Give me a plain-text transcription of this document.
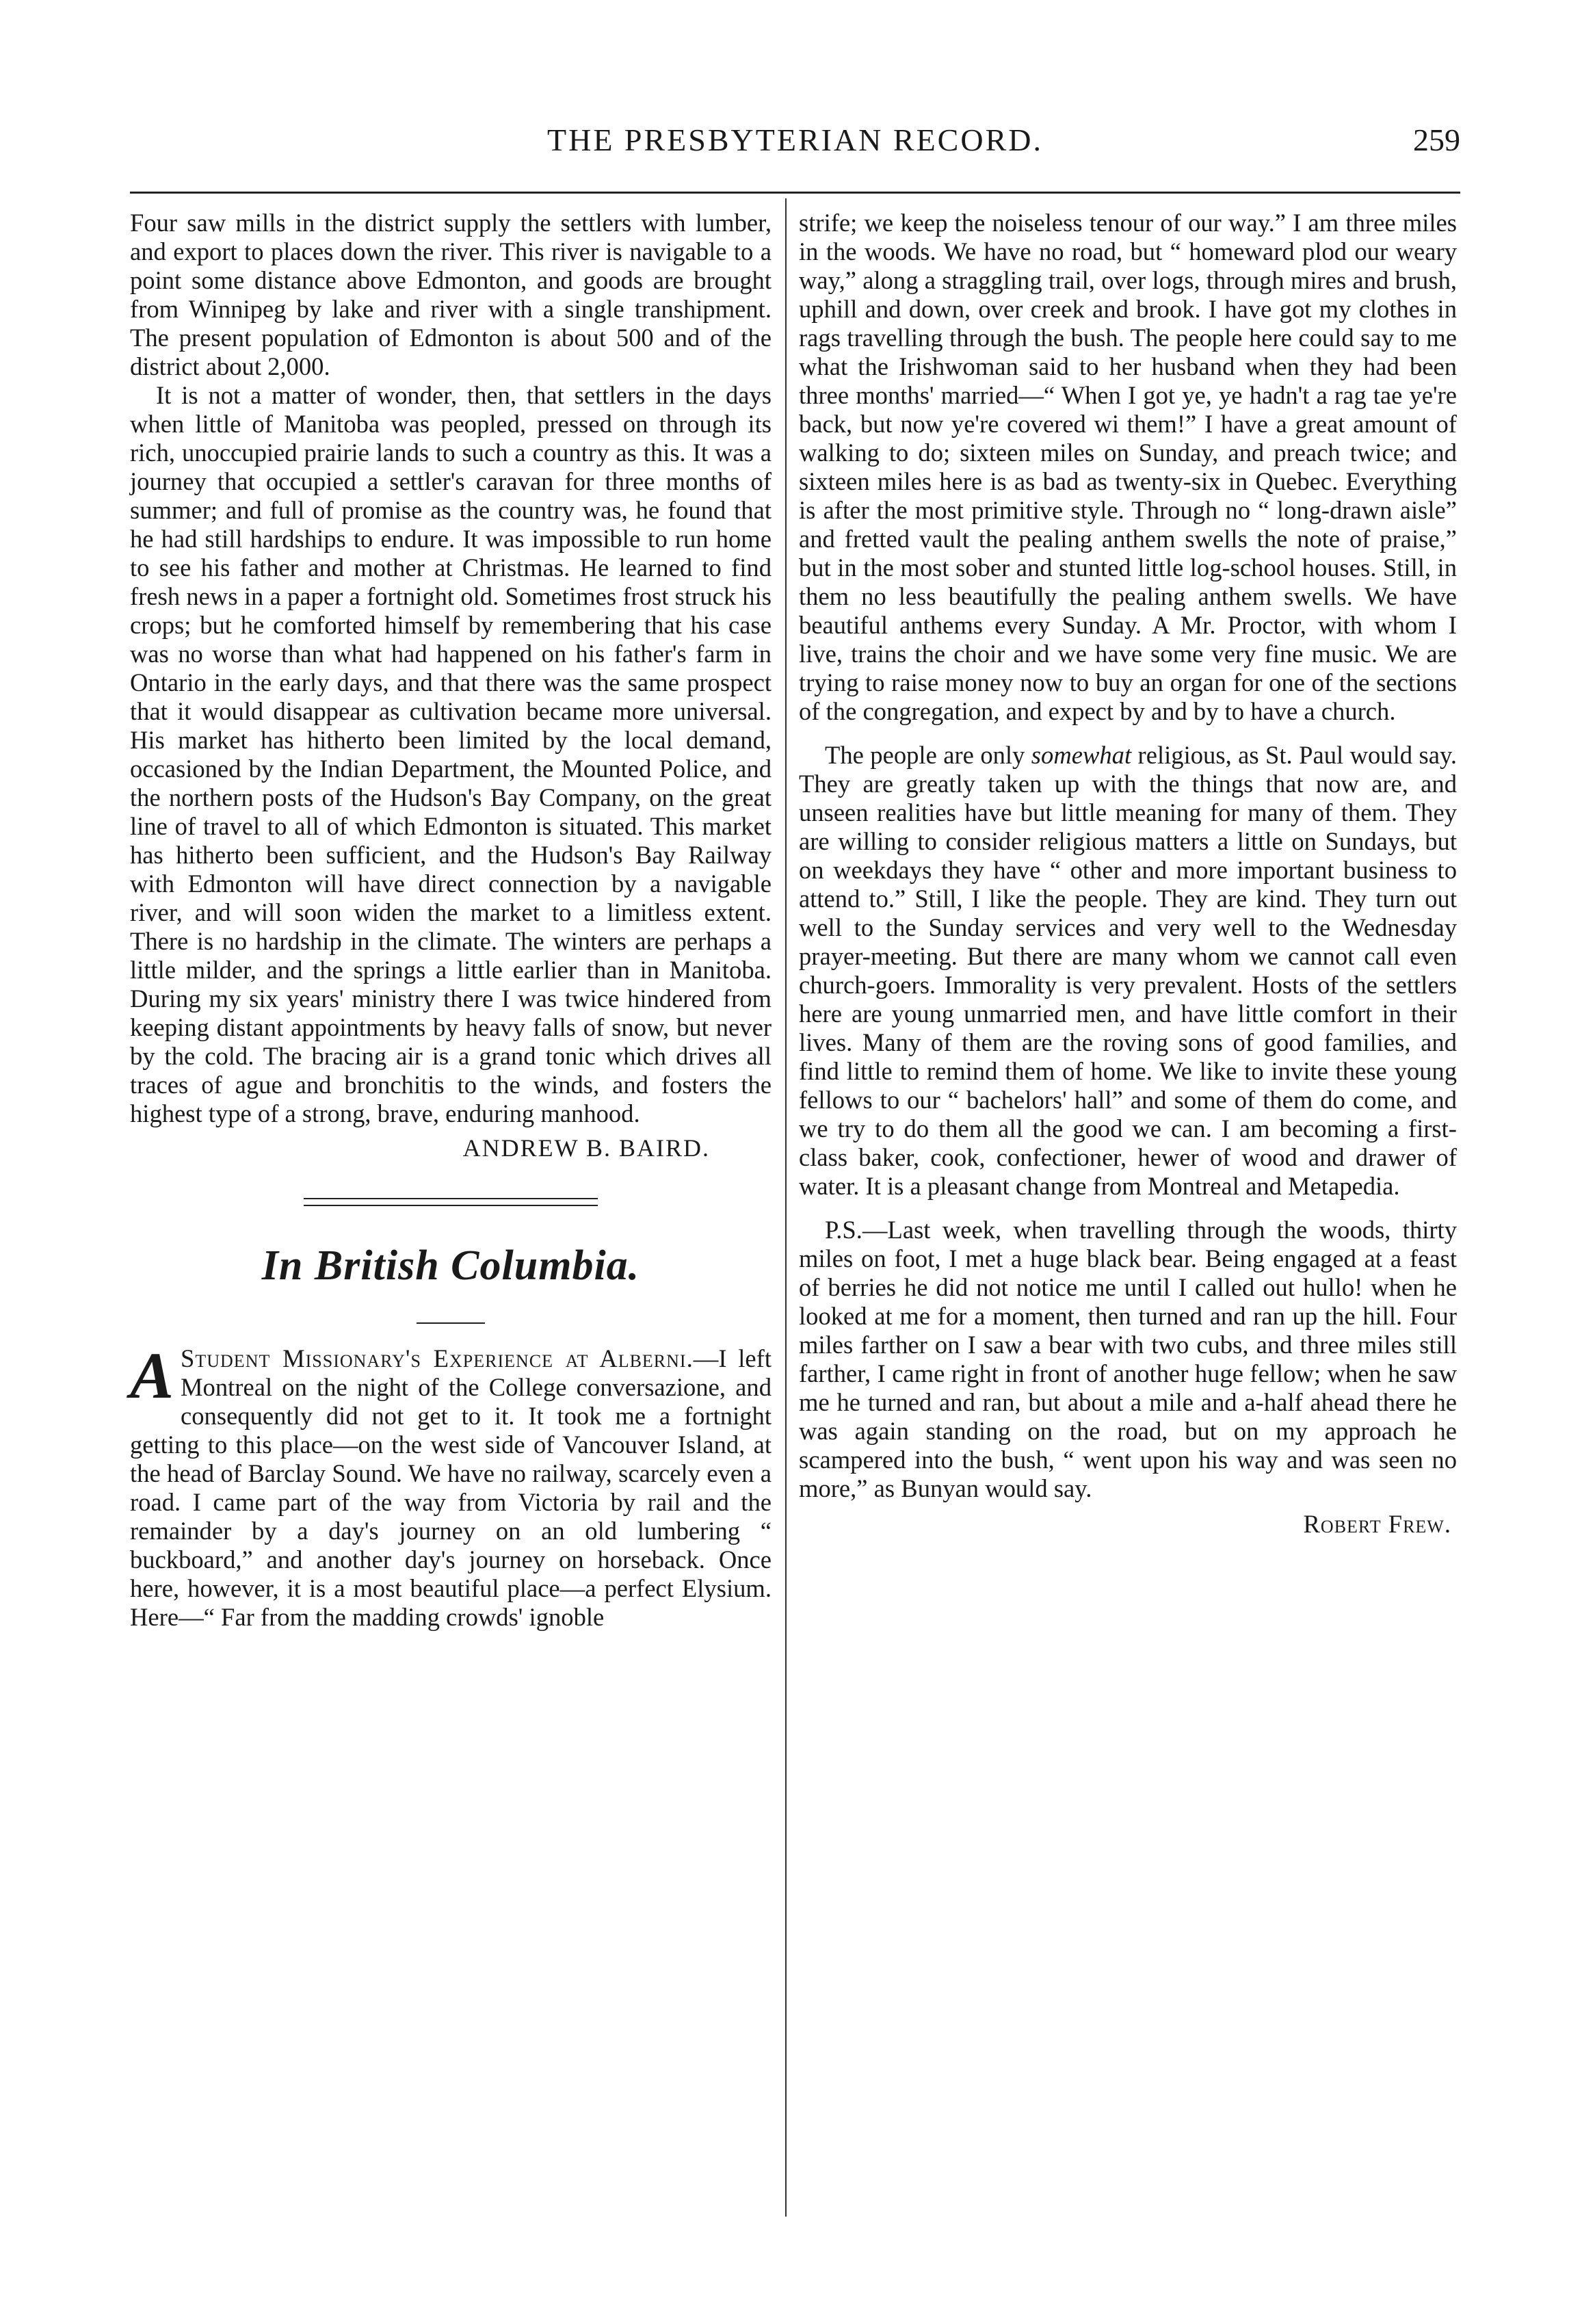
THE PRESBYTERIAN RECORD.	259

Four saw mills in the district supply the settlers with lumber, and export to places down the river. This river is navigable to a point some distance above Edmonton, and goods are brought from Winnipeg by lake and river with a single transhipment. The present population of Edmonton is about 500 and of the district about 2,000.

It is not a matter of wonder, then, that settlers in the days when little of Manitoba was peopled, pressed on through its rich, unoccupied prairie lands to such a country as this. It was a journey that occupied a settler's caravan for three months of summer; and full of promise as the country was, he found that he had still hardships to endure. It was impossible to run home to see his father and mother at Christmas. He learned to find fresh news in a paper a fortnight old. Sometimes frost struck his crops; but he comforted himself by remembering that his case was no worse than what had happened on his father's farm in Ontario in the early days, and that there was the same prospect that it would disappear as cultivation became more universal. His market has hitherto been limited by the local demand, occasioned by the Indian Department, the Mounted Police, and the northern posts of the Hudson's Bay Company, on the great line of travel to all of which Edmonton is situated. This market has hitherto been sufficient, and the Hudson's Bay Railway with Edmonton will have direct connection by a navigable river, and will soon widen the market to a limitless extent. There is no hardship in the climate. The winters are perhaps a little milder, and the springs a little earlier than in Manitoba. During my six years' ministry there I was twice hindered from keeping distant appointments by heavy falls of snow, but never by the cold. The bracing air is a grand tonic which drives all traces of ague and bronchitis to the winds, and fosters the highest type of a strong, brave, enduring manhood.

ANDREW B. BAIRD.
In British Columbia.

A Student Missionary's Experience at Alberni.—I left Montreal on the night of the College conversazione, and consequently did not get to it. It took me a fortnight getting to this place—on the west side of Vancouver Island, at the head of Barclay Sound. We have no railway, scarcely even a road. I came part of the way from Victoria by rail and the remainder by a day's journey on an old lumbering “ buckboard,” and another day's journey on horseback. Once here, however, it is a most beautiful place—a perfect Elysium. Here—“ Far from the madding crowds' ignoble

strife; we keep the noiseless tenour of our way.” I am three miles in the woods. We have no road, but “ homeward plod our weary way,” along a straggling trail, over logs, through mires and brush, uphill and down, over creek and brook. I have got my clothes in rags travelling through the bush. The people here could say to me what the Irishwoman said to her husband when they had been three months' married—“ When I got ye, ye hadn't a rag tae ye're back, but now ye're covered wi them!” I have a great amount of walking to do; sixteen miles on Sunday, and preach twice; and sixteen miles here is as bad as twenty-six in Quebec. Everything is after the most primitive style. Through no “ long-drawn aisle” and fretted vault the pealing anthem swells the note of praise,” but in the most sober and stunted little log-school houses. Still, in them no less beautifully the pealing anthem swells. We have beautiful anthems every Sunday. A Mr. Proctor, with whom I live, trains the choir and we have some very fine music. We are trying to raise money now to buy an organ for one of the sections of the congregation, and expect by and by to have a church.

The people are only somewhat religious, as St. Paul would say. They are greatly taken up with the things that now are, and unseen realities have but little meaning for many of them. They are willing to consider religious matters a little on Sundays, but on weekdays they have “ other and more important business to attend to.” Still, I like the people. They are kind. They turn out well to the Sunday services and very well to the Wednesday prayer-meeting. But there are many whom we cannot call even church-goers. Immorality is very prevalent. Hosts of the settlers here are young unmarried men, and have little comfort in their lives. Many of them are the roving sons of good families, and find little to remind them of home. We like to invite these young fellows to our “ bachelors' hall” and some of them do come, and we try to do them all the good we can. I am becoming a first-class baker, cook, confectioner, hewer of wood and drawer of water. It is a pleasant change from Montreal and Metapedia.

P.S.—Last week, when travelling through the woods, thirty miles on foot, I met a huge black bear. Being engaged at a feast of berries he did not notice me until I called out hullo! when he looked at me for a moment, then turned and ran up the hill. Four miles farther on I saw a bear with two cubs, and three miles still farther, I came right in front of another huge fellow; when he saw me he turned and ran, but about a mile and a-half ahead there he was again standing on the road, but on my approach he scampered into the bush, “ went upon his way and was seen no more,” as Bunyan would say.

Robert Frew.
